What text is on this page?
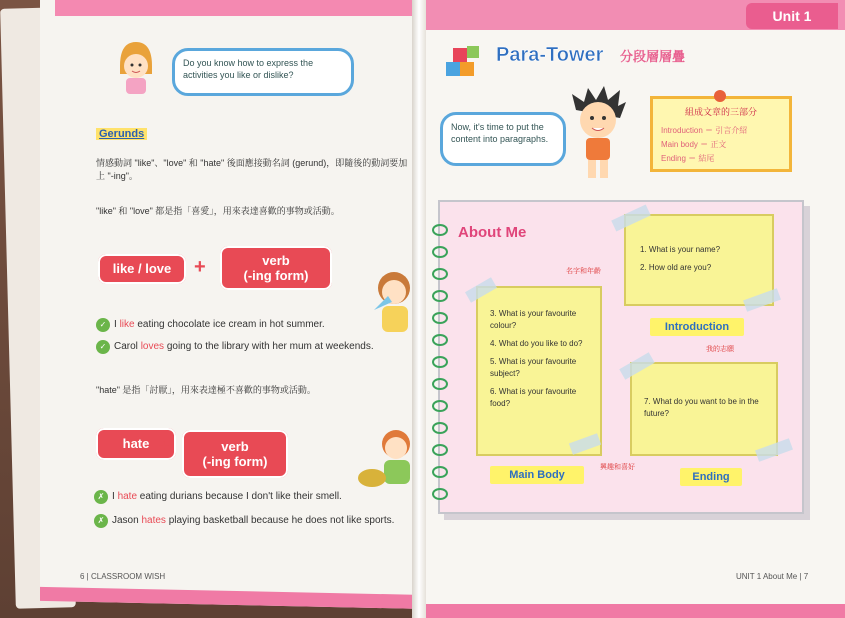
Do you know how to express the activities you like or dislike?
Gerunds
情感動詞 "like"、"love" 和 "hate" 後面應接動名詞 (gerund)，即隨後的動詞要加上 "-ing"。
"like" 和 "love" 都是指「喜愛」，用來表達喜歡的事物或活動。
like / love	+	verb
(-ing form)
✓ I like eating chocolate ice cream in hot summer.
✓ Carol loves going to the library with her mum at weekends.
"hate" 是指「討厭」，用來表達極不喜歡的事物或活動。
hate +	verb
(-ing form)
✗ I hate eating durians because I don't like their smell.
✗ Jason hates playing basketball because he does not like sports.
6 | CLASSROOM WISH
Unit 1
Para-Tower 分段層層疊
Now, it's time to put the content into paragraphs.
組成文章的三部分
Introduction ＝ 引言介紹
Main body ＝ 正文
Ending ＝ 結尾
About Me
1. What is your name?
2. How old are you?
3. What is your favourite colour?
4. What do you like to do?
5. What is your favourite subject?
6. What is your favourite food?	7. What do you want to be in the future?
Introduction
Main Body	Ending
名字和年齡
我的志願
興趣和喜好
UNIT 1 About Me | 7
